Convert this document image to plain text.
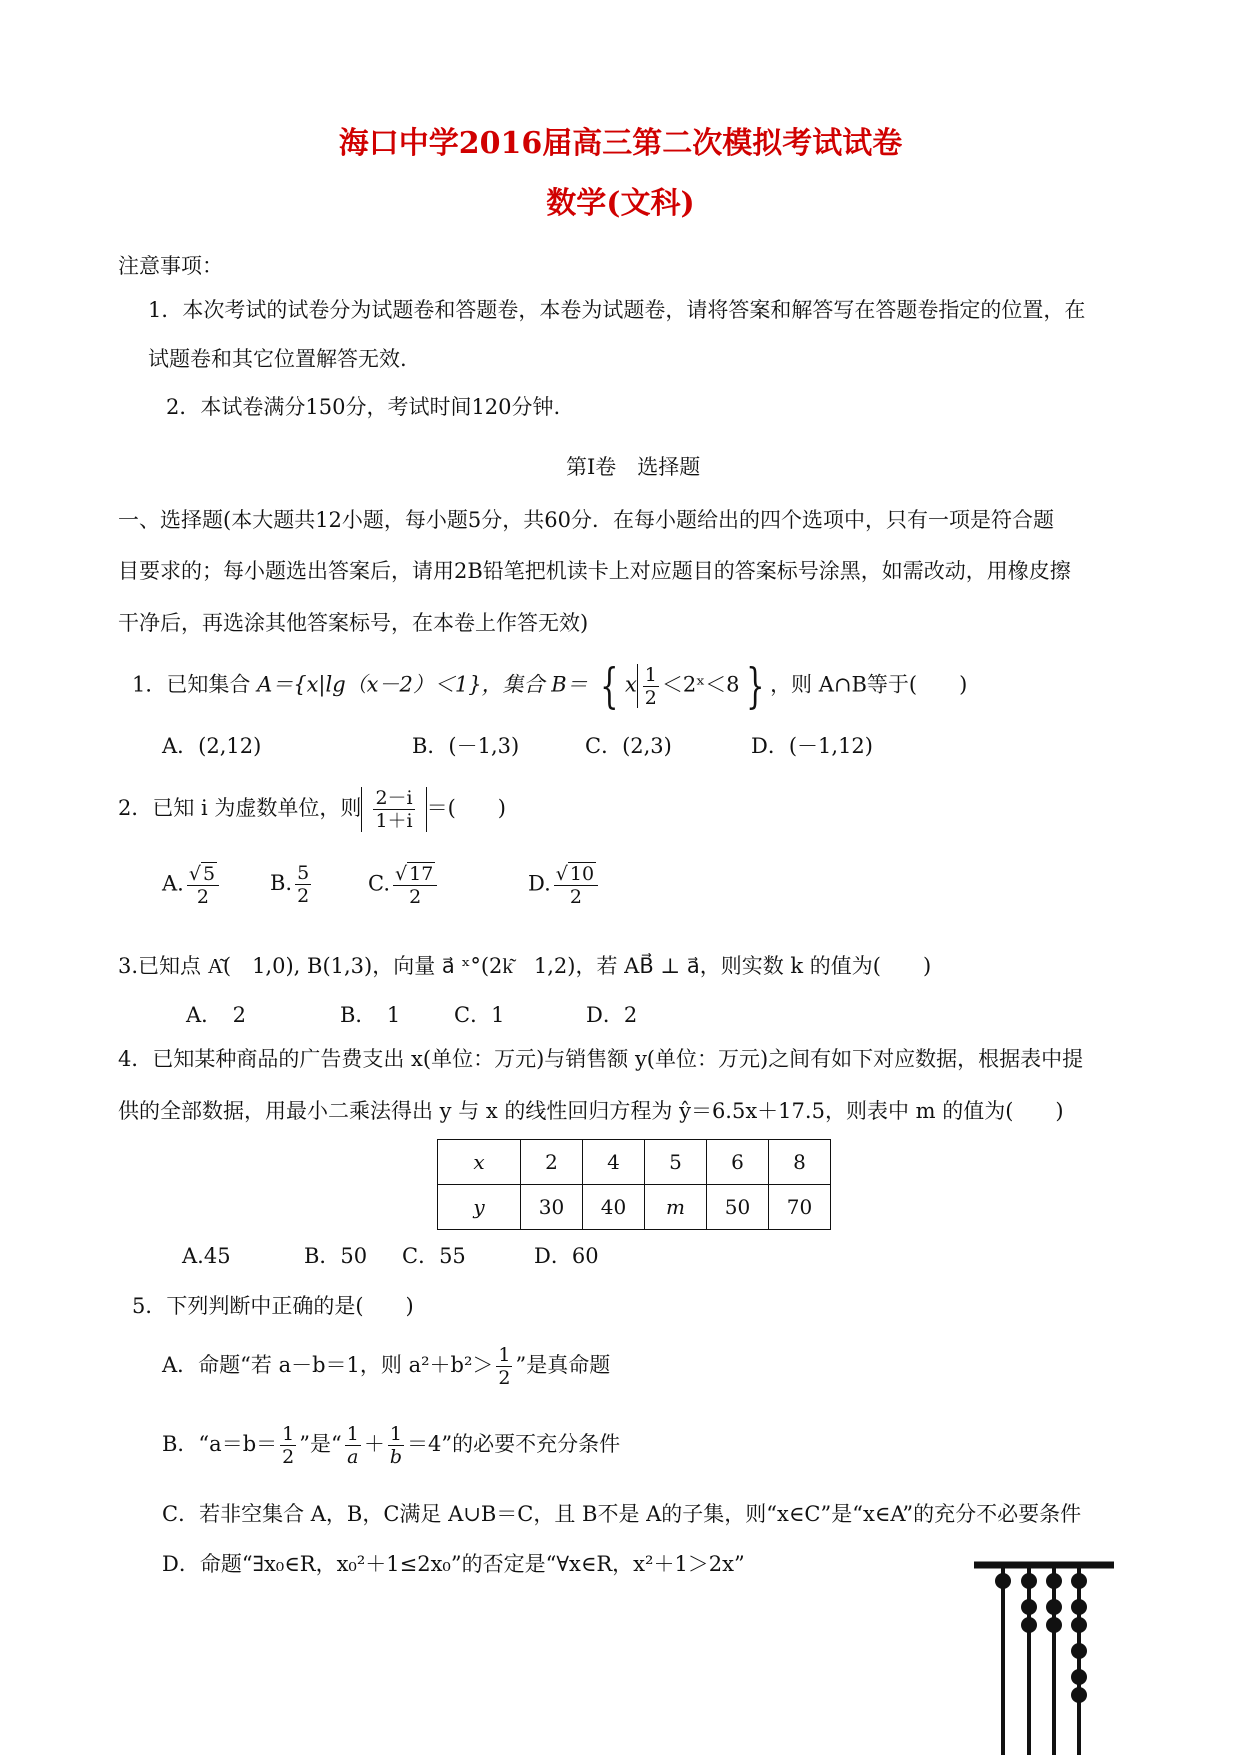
海口中学2016届高三第二次模拟考试试卷
数学(文科)
注意事项：
1．本次考试的试卷分为试题卷和答题卷，本卷为试题卷，请将答案和解答写在答题卷指定的位置，在
试题卷和其它位置解答无效.
2．本试卷满分150分，考试时间120分钟.
第Ⅰ卷　选择题
一、选择题(本大题共12小题，每小题5分，共60分．在每小题给出的四个选项中，只有一项是符合题
目要求的；每小题选出答案后，请用2B铅笔把机读卡上对应题目的答案标号涂黑，如需改动，用橡皮擦
干净后，再选涂其他答案标号，在本卷上作答无效)
1．已知集合 A＝{x|lg（x－2）＜1}，集合 B＝ { x $\frac{1}{2}$ ＜2ˣ＜8 } ，则 A∩B等于(　　)
A．(2,12)	B．(－1,3)	C．(2,3)	D．(－1,12)
2．已知 i 为虚数单位，则 $\frac{2-i}{1+i}$ ＝(　　)
A. $\frac{√ 5}{2} B$. $\frac{5}{2}$	C. $\frac{√ 17}{2}$	D. $\frac{√ 10}{2}$
3.已知点 A͂(　1,0), B(1,3)，向量 a⃗ ˣ°(2k͂　1,2)，若 AB⃗ ⊥ a⃗，则实数 k 的值为(　　)
A．　2	B．　1	C．1	D．2
4．已知某种商品的广告费支出 x(单位：万元)与销售额 y(单位：万元)之间有如下对应数据，根据表中提
供的全部数据，用最小二乘法得出 y 与 x 的线性回归方程为 ŷ＝6.5x＋17.5，则表中 m 的值为(　　)
x	2	4	5	6	8
y	30	40	m	50	70
A.45	B．50 C．55	D．60
5．下列判断中正确的是(　　)
A．命题“若 a－b＝1，则 $a^2+b^2> \frac{1}{2}$ ”是真命题
B．“$a=b= \frac{1}{2}$ ”是“ $\frac{1}{a} + \frac{1}{b} =4$”的必要不充分条件
C．若非空集合 A，B，C满足 A∪B＝C，且 B不是 A的子集，则“x∈C”是“x∈A”的充分不必要条件
D．命题“∃x₀∈R，x₀²＋1≤2x₀”的否定是“∀x∈R，x²＋1＞2x”
